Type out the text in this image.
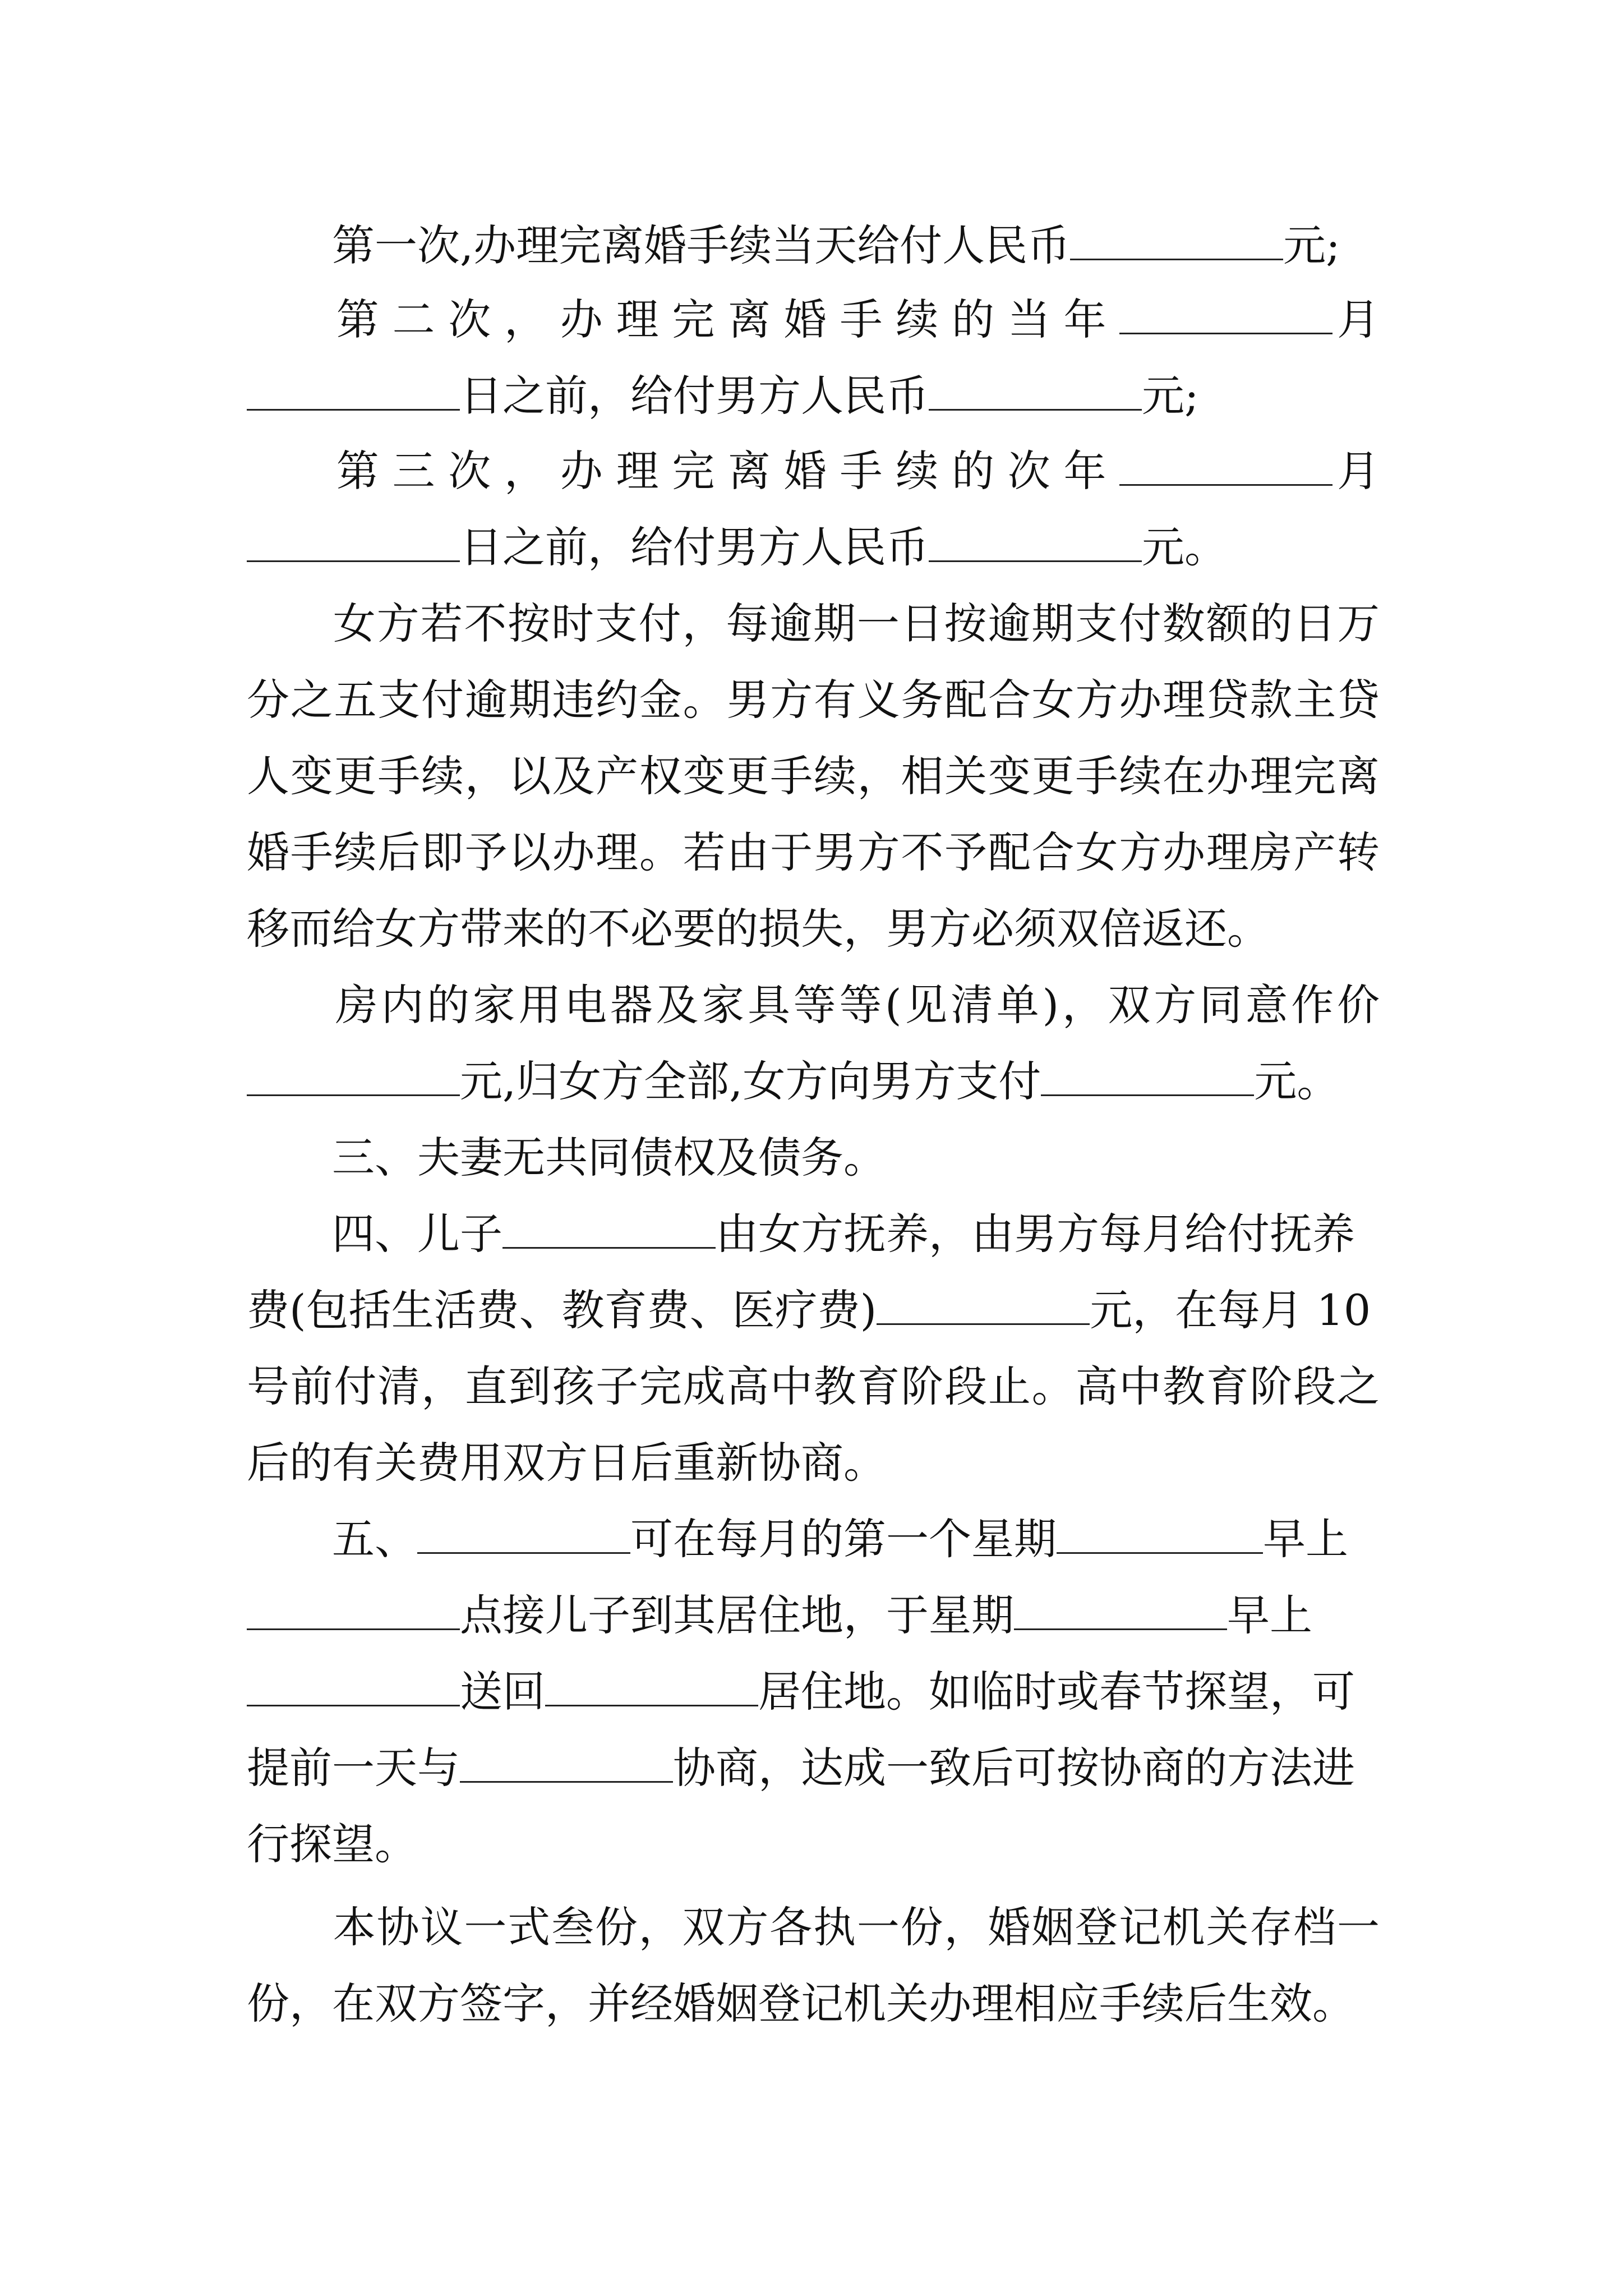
第一次,办理完离婚手续当天给付人民币	元;
第二次，办理完离婚手续的当年	月
日之前，给付男方人民币	元;
第三次，办理完离婚手续的次年	月
日之前，给付男方人民币	元。
女方若不按时支付，每逾期一日按逾期支付数额的日万
分之五支付逾期违约金。男方有义务配合女方办理贷款主贷
人变更手续，以及产权变更手续，相关变更手续在办理完离
婚手续后即予以办理。若由于男方不予配合女方办理房产转
移而给女方带来的不必要的损失，男方必须双倍返还。
房内的家用电器及家具等等(见清单)，双方同意作价
元,归女方全部,女方向男方支付	元。
三、夫妻无共同债权及债务。
四、儿子	由女方抚养，由男方每月给付抚养
费(包括生活费、教育费、医疗费)	元，在每月 10
号前付清，直到孩子完成高中教育阶段止。高中教育阶段之
后的有关费用双方日后重新协商。
五、	可在每月的第一个星期	早上
点接儿子到其居住地，于星期	早上
送回	居住地。如临时或春节探望，可
提前一天与	协商，达成一致后可按协商的方法进
行探望。
本协议一式叁份，双方各执一份，婚姻登记机关存档一
份，在双方签字，并经婚姻登记机关办理相应手续后生效。
